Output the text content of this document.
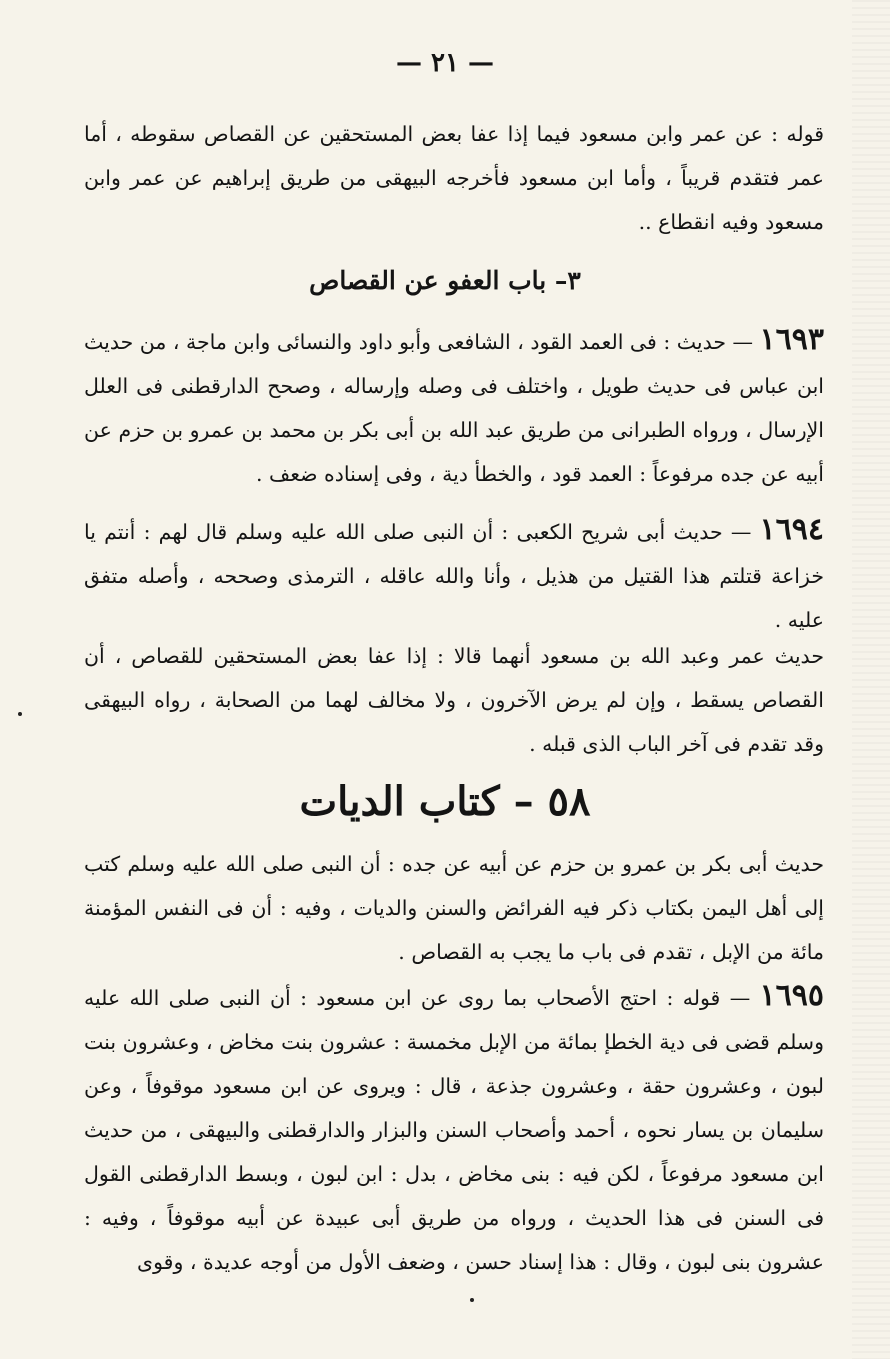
— ٢١ —

قوله : عن عمر وابن مسعود فيما إذا عفا بعض المستحقين عن القصاص سقوطه ، أما عمر فتقدم قريباً ، وأما ابن مسعود فأخرجه البيهقى من طريق إبراهيم عن عمر وابن مسعود وفيه انقطاع ..

٣– باب العفو عن القصاص

١٦٩٣ — حديث : فى العمد القود ، الشافعى وأبو داود والنسائى وابن ماجة ، من حديث ابن عباس فى حديث طويل ، واختلف فى وصله وإرساله ، وصحح الدارقطنى فى العلل الإرسال ، ورواه الطبرانى من طريق عبد الله بن أبى بكر بن محمد بن عمرو بن حزم عن أبيه عن جده مرفوعاً : العمد قود ، والخطأ دية ، وفى إسناده ضعف .

١٦٩٤ — حديث أبى شريح الكعبى : أن النبى صلى الله عليه وسلم قال لهم : أنتم يا خزاعة قتلتم هذا القتيل من هذيل ، وأنا والله عاقله ، الترمذى وصححه ، وأصله متفق عليه .

حديث عمر وعبد الله بن مسعود أنهما قالا : إذا عفا بعض المستحقين للقصاص ، أن القصاص يسقط ، وإن لم يرض الآخرون ، ولا مخالف لهما من الصحابة ، رواه البيهقى وقد تقدم فى آخر الباب الذى قبله .

٥٨ – كتاب الديات

حديث أبى بكر بن عمرو بن حزم عن أبيه عن جده : أن النبى صلى الله عليه وسلم كتب إلى أهل اليمن بكتاب ذكر فيه الفرائض والسنن والديات ، وفيه : أن فى النفس المؤمنة مائة من الإبل ، تقدم فى باب ما يجب به القصاص .

١٦٩٥ — قوله : احتج الأصحاب بما روى عن ابن مسعود : أن النبى صلى الله عليه وسلم قضى فى دية الخطإ بمائة من الإبل مخمسة : عشرون بنت مخاض ، وعشرون بنت لبون ، وعشرون حقة ، وعشرون جذعة ، قال : ويروى عن ابن مسعود موقوفاً ، وعن سليمان بن يسار نحوه ، أحمد وأصحاب السنن والبزار والدارقطنى والبيهقى ، من حديث ابن مسعود مرفوعاً ، لكن فيه : بنى مخاض ، بدل : ابن لبون ، وبسط الدارقطنى القول فى السنن فى هذا الحديث ، ورواه من طريق أبى عبيدة عن أبيه موقوفاً ، وفيه : عشرون بنى لبون ، وقال : هذا إسناد حسن ، وضعف الأول من أوجه عديدة ، وقوى
